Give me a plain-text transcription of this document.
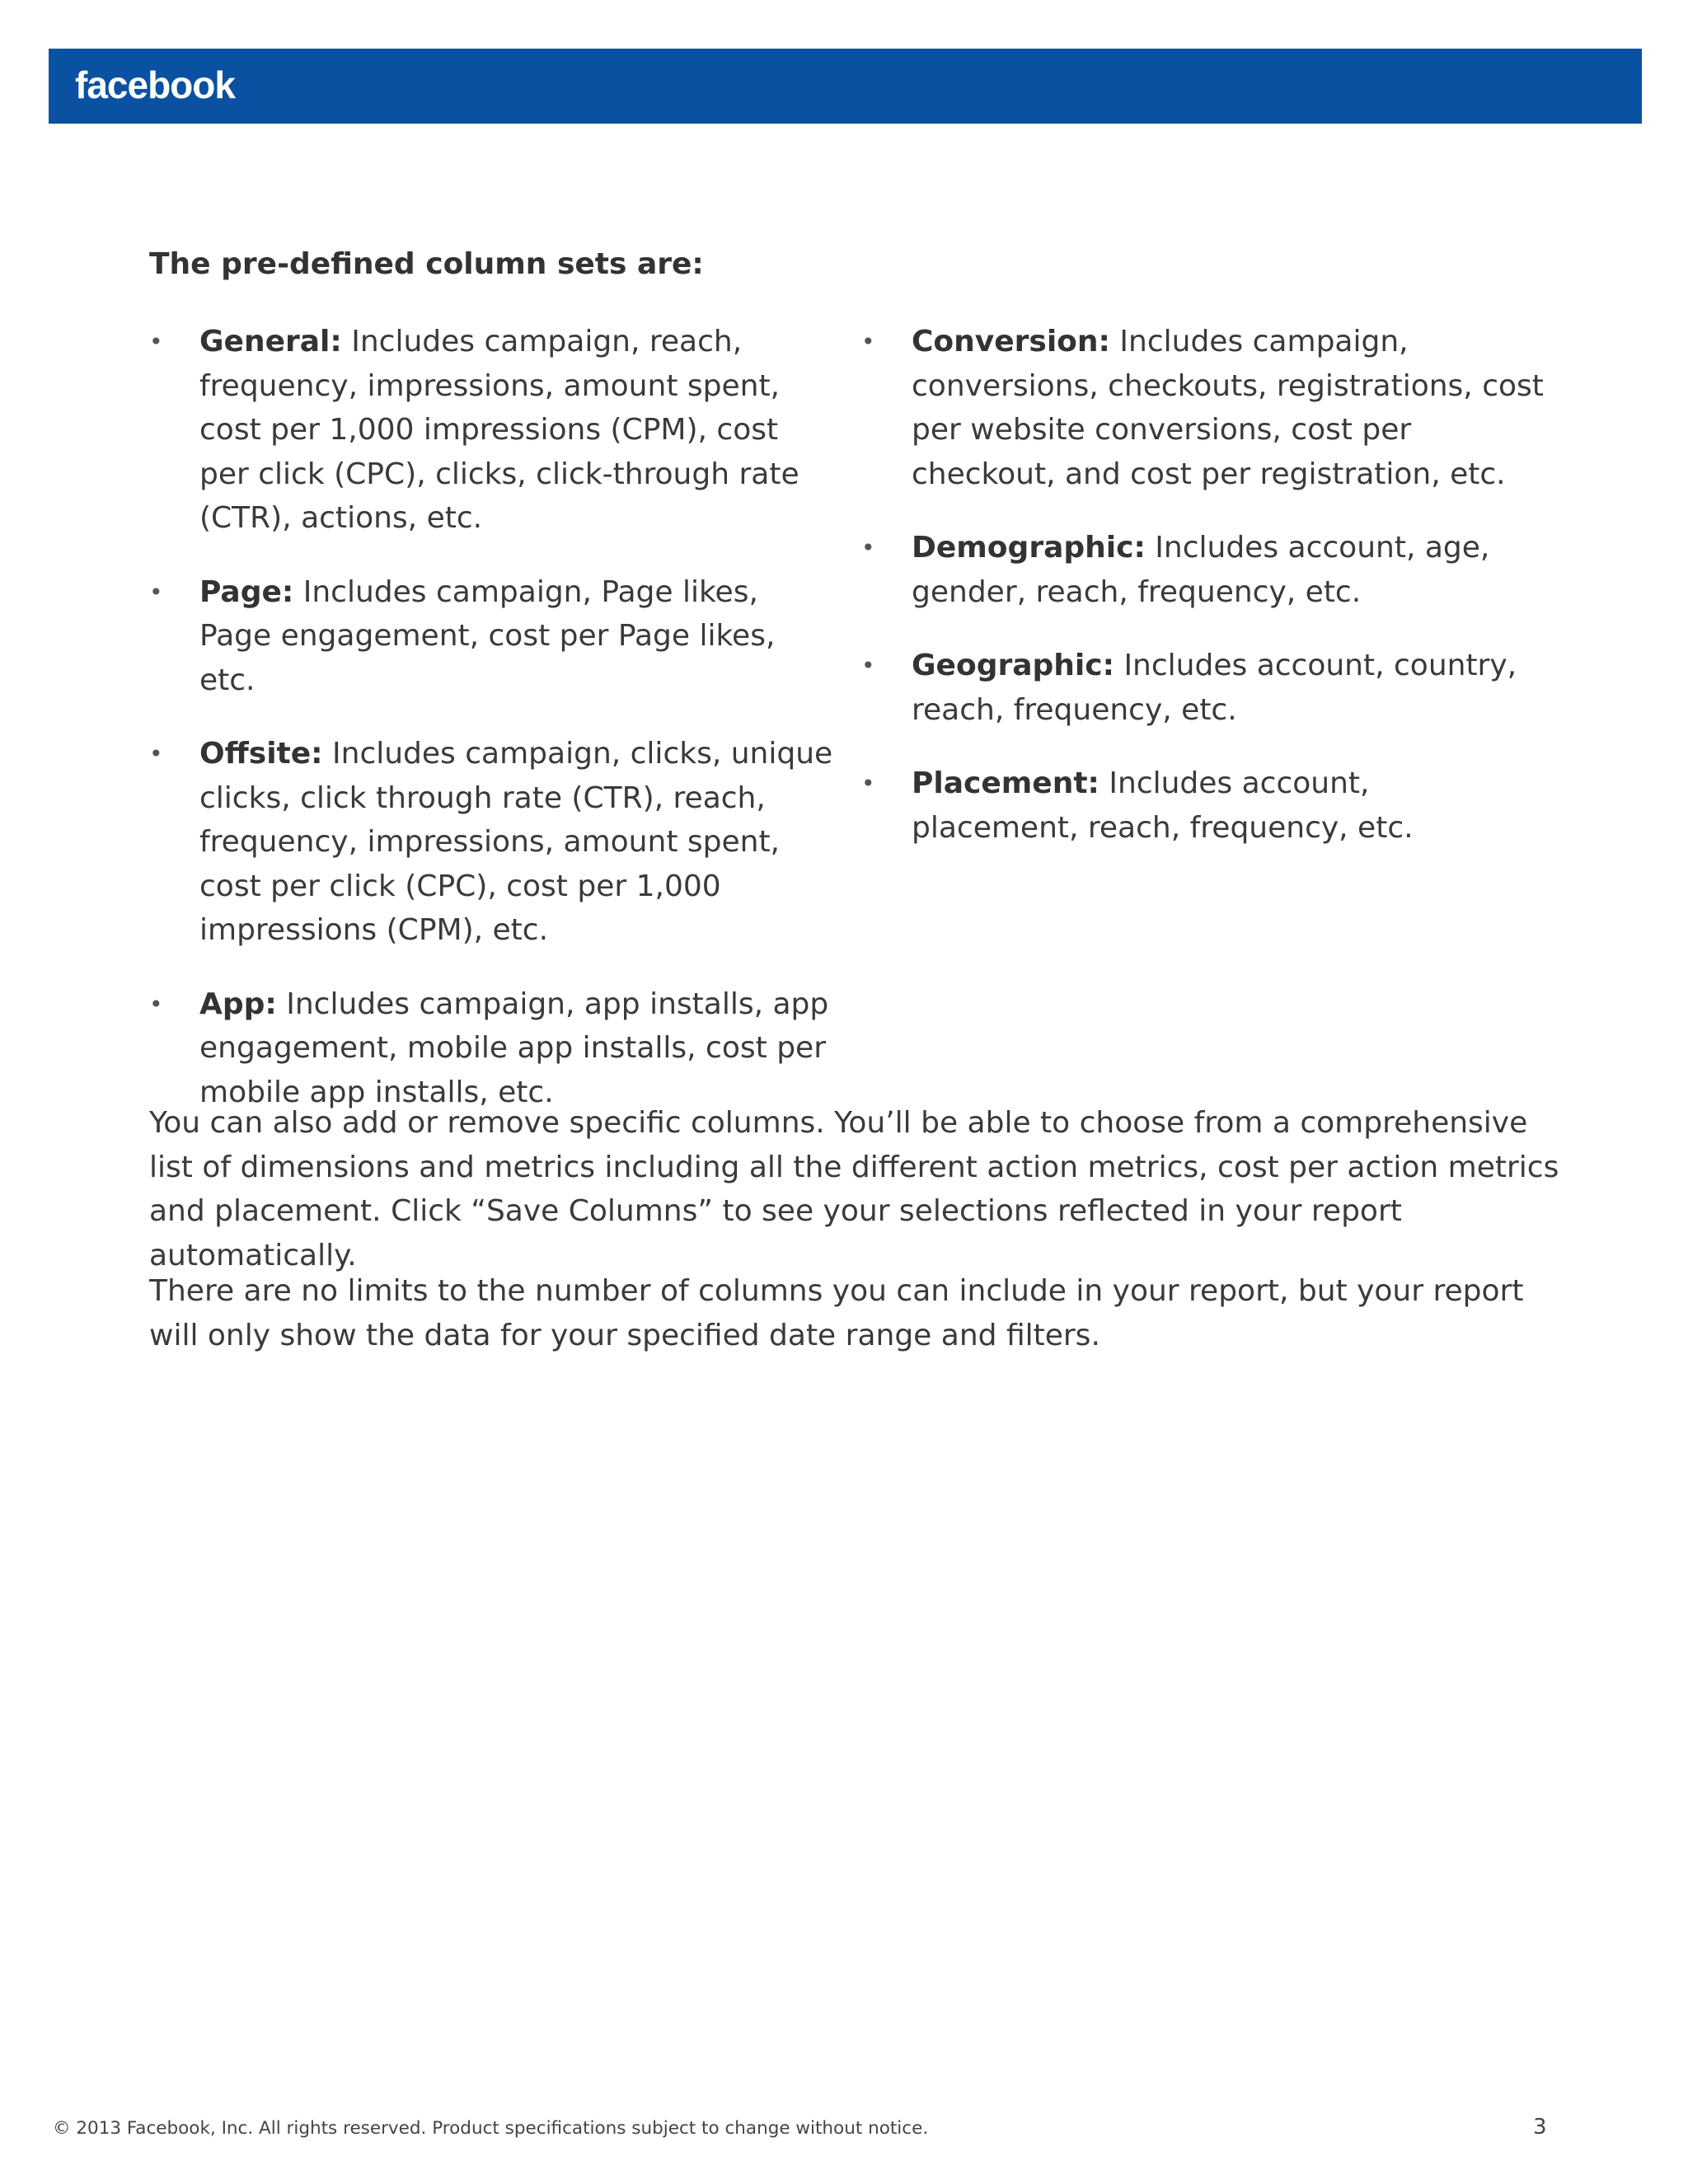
facebook
The pre-defined column sets are:
•	General: Includes campaign, reach, frequency, impressions, amount spent, cost per 1,000 impressions (CPM), cost per click (CPC), clicks, click-through rate (CTR), actions, etc.
•	Page: Includes campaign, Page likes, Page engagement, cost per Page likes, etc.
•	Offsite: Includes campaign, clicks, unique clicks, click through rate (CTR), reach, frequency, impressions, amount spent, cost per click (CPC), cost per 1,000 impressions (CPM), etc.
•	App: Includes campaign, app installs, app engagement, mobile app installs, cost per mobile app installs, etc.
•	Conversion: Includes campaign, conversions, checkouts, registrations, cost per website conversions, cost per checkout, and cost per registration, etc.
•	Demographic: Includes account, age, gender, reach, frequency, etc.
•	Geographic: Includes account, country, reach, frequency, etc.
•	Placement: Includes account, placement, reach, frequency, etc.

You can also add or remove specific columns. You’ll be able to choose from a comprehensive list of dimensions and metrics including all the different action metrics, cost per action metrics and placement. Click “Save Columns” to see your selections reflected in your report automatically.

There are no limits to the number of columns you can include in your report, but your report will only show the data for your specified date range and filters.

© 2013 Facebook, Inc. All rights reserved. Product specifications subject to change without notice.	3
